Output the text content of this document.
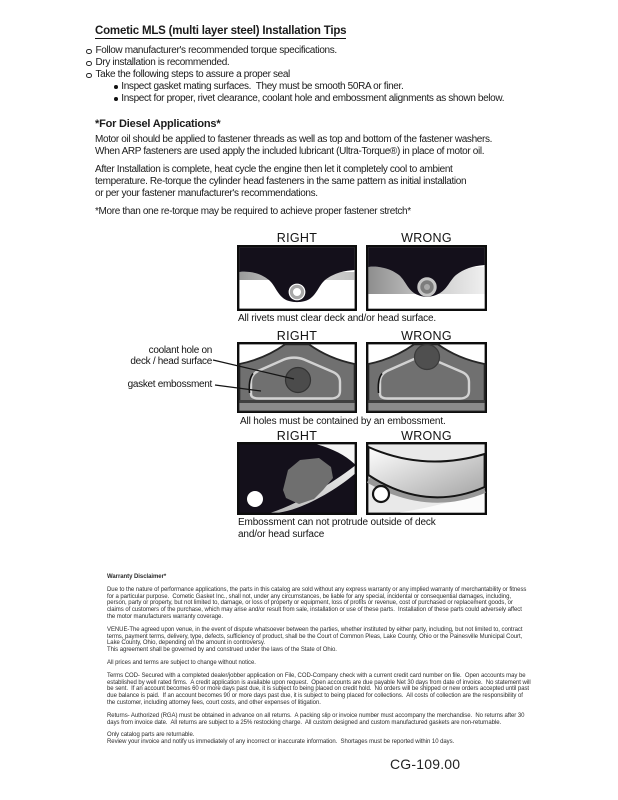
Cometic MLS (multi layer steel) Installation Tips
Follow manufacturer's recommended torque specifications.
Dry installation is recommended.
Take the following steps to assure a proper seal
Inspect gasket mating surfaces.  They must be smooth 50RA or finer.
Inspect for proper, rivet clearance, coolant hole and embossment alignments as shown below.
*For Diesel Applications*
Motor oil should be applied to fastener threads as well as top and bottom of the fastener washers.
When ARP fasteners are used apply the included lubricant (Ultra-Torque®) in place of motor oil.
After Installation is complete, heat cycle the engine then let it completely cool to ambient
temperature. Re-torque the cylinder head fasteners in the same pattern as initial installation
or per your fastener manufacturer's recommendations.
*More than one re-torque may be required to achieve proper fastener stretch*
RIGHT	WRONG
All rivets must clear deck and/or head surface.
RIGHT	WRONG
coolant hole on
deck / head surface
gasket embossment
All holes must be contained by an embossment.
RIGHT	WRONG
Embossment can not protrude outside of deck
and/or head surface
Warranty Disclaimer*
Due to the nature of performance applications, the parts in this catalog are sold without any express warranty or any implied warranty of merchantability or fitness for a particular purpose.  Cometic Gasket Inc., shall not, under any circumstances, be liable for any special, incidental or consequential damages, including, person, party or property, but not limited to, damage, or loss of property or equipment, loss of profits or revenue, cost of purchased or replacement goods, or claims of customers of the purchase, which may arise and/or result from sale, installation or use of these parts.  Installation of these parts could adversely affect the motor manufacturers warranty coverage.
VENUE-The agreed upon venue, in the event of dispute whatsoever between the parties, whether instituted by either party, including, but not limited to, contract terms, payment terms, delivery, type, defects, sufficiency of product, shall be the Court of Common Pleas, Lake County, Ohio or the Painesville Municipal Court, Lake County, Ohio, depending on the amount in controversy.
This agreement shall be governed by and construed under the laws of the State of Ohio.
All prices and terms are subject to change without notice.
Terms COD- Secured with a completed dealer/jobber application on File, COD-Company check with a current credit card number on file.  Open accounts may be established by well rated firms.  A credit application is available upon request.  Open accounts are due payable Net 30 days from date of invoice.  No statement will be sent.  If an account becomes 60 or more days past due, it is subject to being placed on credit hold.  No orders will be shipped or new orders accepted until past due balance is paid.  If an account becomes 90 or more days past due, it is subject to being placed for collections.  All costs of collection are the responsibility of the customer, including attorney fees, court costs, and other expenses of litigation.
Returns- Authorized (RGA) must be obtained in advance on all returns.  A packing slip or invoice number must accompany the merchandise.  No returns after 30 days from invoice date.  All returns are subject to a 25% restocking charge.  All custom designed and custom manufactured gaskets are non-returnable.
Only catalog parts are returnable.
Review your invoice and notify us immediately of any incorrect or inaccurate information.  Shortages must be reported within 10 days.
CG-109.00
